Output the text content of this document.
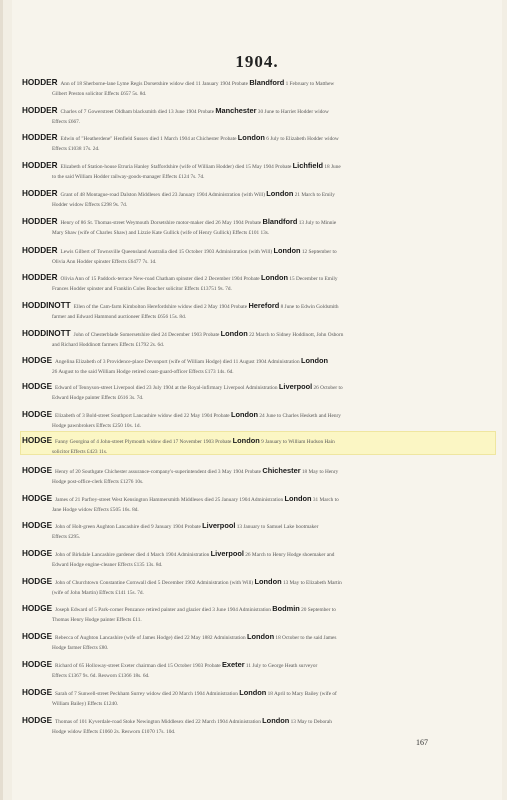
1904.
HODDER Ann of 18 Sherborne-lane Lyme Regis Dorsetshire widow died 11 January 1904 Probate Blandford 1 February to Matthew
Gilbert Preston solicitor Effects £657 5s. 8d.
HODDER Charles of 7 Gowerstreet Oldham blacksmith died 13 June 1904 Probate Manchester 30 June to Harriet Hodder widow
Effects £667.
HODDER Edwin of "Heatherdene" Henfield Sussex died 1 March 1904 at Chichester Probate London 6 July to Elizabeth Hodder widow
Effects £1038 17s. 2d.
HODDER Elizabeth of Station-house Etruria Hanley Staffordshire (wife of William Hodder) died 15 May 1904 Probate Lichfield 18 June
to the said William Hodder railway-goods-manager Effects £124 7s. 7d.
HODDER Grant of 48 Montague-road Dalston Middlesex died 23 January 1904 Administration (with Will) London 21 March to Emily
Hodder widow Effects £298 9s. 7d.
HODDER Henry of 86 St. Thomas-street Weymouth Dorsetshire motor-maker died 26 May 1904 Probate Blandford 13 July to Minnie
Mary Shaw (wife of Charles Shaw) and Lizzie Kate Gullick (wife of Henry Gullick) Effects £101 13s.
HODDER Lewis Gilbert of Townsville Queensland Australia died 15 October 1903 Administration (with Will) London 12 September to
Olivia Ann Hodder spinster Effects £6477 7s. 1d.
HODDER Olivia Ann of 15 Paddock-terrace New-road Chatham spinster died 2 December 1904 Probate London 15 December to Emily
Frances Hodder spinster and Franklin Coles Boucher solicitor Effects £13751 9s. 7d.
HODDINOTT Ellen of the Cam-farm Kimbolton Herefordshire widow died 2 May 1904 Probate Hereford 8 June to Edwin Goldsmith
farmer and Edward Hammond auctioneer Effects £656 15s. 8d.
HODDINOTT John of Chesterblade Somersetshire died 24 December 1903 Probate London 22 March to Sidney Hoddinott, John Osborn
and Richard Hoddinott farmers Effects £1792 2s. 6d.
HODGE Angelina Elizabeth of 3 Providence-place Devonport (wife of William Hodge) died 11 August 1904 Administration London
26 August to the said William Hodge retired coast-guard-officer Effects £173 14s. 6d.
HODGE Edward of Tennyson-street Liverpool died 23 July 1904 at the Royal-infirmary Liverpool Administration Liverpool 26 October to
Edward Hodge painter Effects £616 3s. 7d.
HODGE Elizabeth of 3 Bold-street Southport Lancashire widow died 22 May 1904 Probate London 24 June to Charles Hesketh and Henry
Hodge pawnbrokers Effects £250 10s. 1d.
HODGE Fanny Georgina of 4 John-street Plymouth widow died 17 November 1903 Probate London 9 January to William Hudson Hain
solicitor Effects £423 11s.
HODGE Henry of 20 Southgate Chichester assurance-company's-superintendent died 3 May 1904 Probate Chichester 18 May to Henry
Hodge post-office-clerk Effects £1276 10s.
HODGE James of 21 Parfrey-street West Kensington Hammersmith Middlesex died 25 January 1904 Administration London 31 March to
Jane Hodge widow Effects £505 16s. 8d.
HODGE John of Holt-green Aughton Lancashire died 9 January 1904 Probate Liverpool 13 January to Samuel Lake bootmaker
Effects £295.
HODGE John of Birkdale Lancashire gardener died 4 March 1904 Administration Liverpool 26 March to Henry Hodge shoemaker and
Edward Hodge engine-cleaner Effects £135 13s. 8d.
HODGE John of Churchtown Constantine Cornwall died 5 December 1902 Administration (with Will) London 13 May to Elizabeth Martin
(wife of John Martin) Effects £141 15s. 7d.
HODGE Joseph Edward of 5 Park-corner Penzance retired painter and glazier died 3 June 1904 Administration Bodmin 20 September to
Thomas Henry Hodge painter Effects £11.
HODGE Rebecca of Aughton Lancashire (wife of James Hodge) died 22 May 1882 Administration London 18 October to the said James
Hodge farmer Effects £80.
HODGE Richard of 65 Holloway-street Exeter chairman died 15 October 1903 Probate Exeter 11 July to George Heath surveyor
Effects £1367 9s. 6d. Resworn £1366 18s. 6d.
HODGE Sarah of 7 Sunwell-street Peckham Surrey widow died 20 March 1904 Administration London 18 April to Mary Bailey (wife of
William Bailey) Effects £1240.
HODGE Thomas of 101 Kyverdale-road Stoke Newington Middlesex died 22 March 1904 Administration London 13 May to Deborah
Hodge widow Effects £1060 2s. Resworn £1070 17s. 10d.
167
